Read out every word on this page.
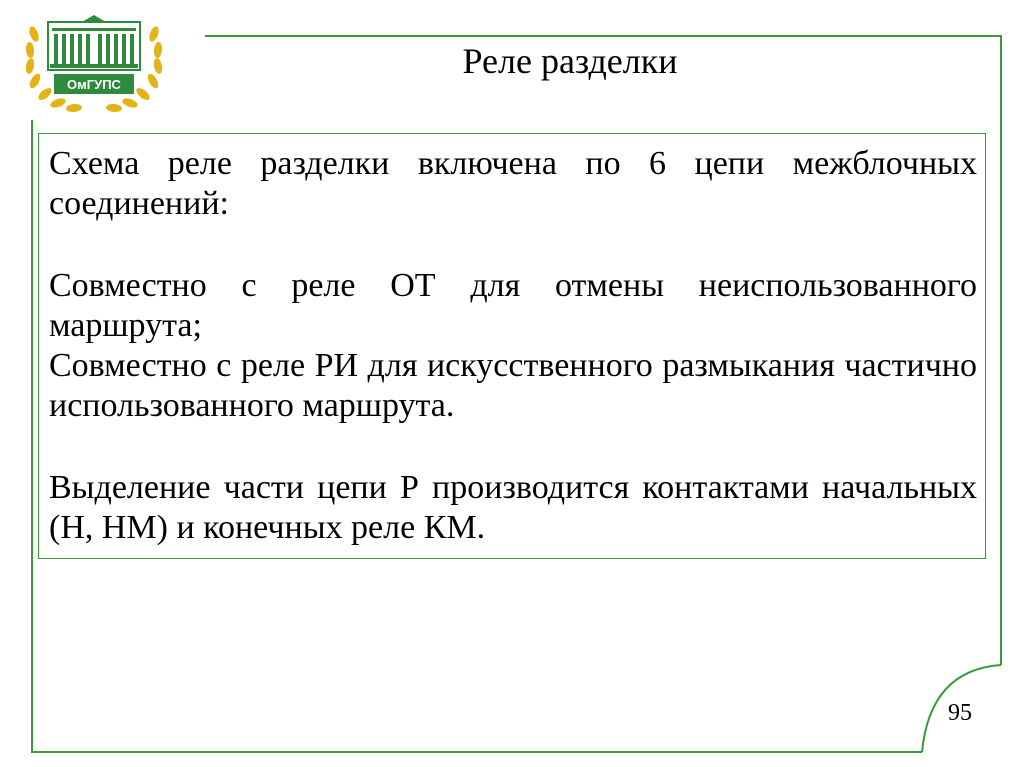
ОмГУПС
Реле разделки

Схема реле разделки включена по 6 цепи межблочных соединений:

Совместно с реле ОТ для отмены неиспользованного маршрута;

Совместно с реле РИ для искусственного размыкания частично использованного маршрута.

Выделение части цепи Р производится контактами начальных (Н, НМ) и конечных реле КМ.

95
